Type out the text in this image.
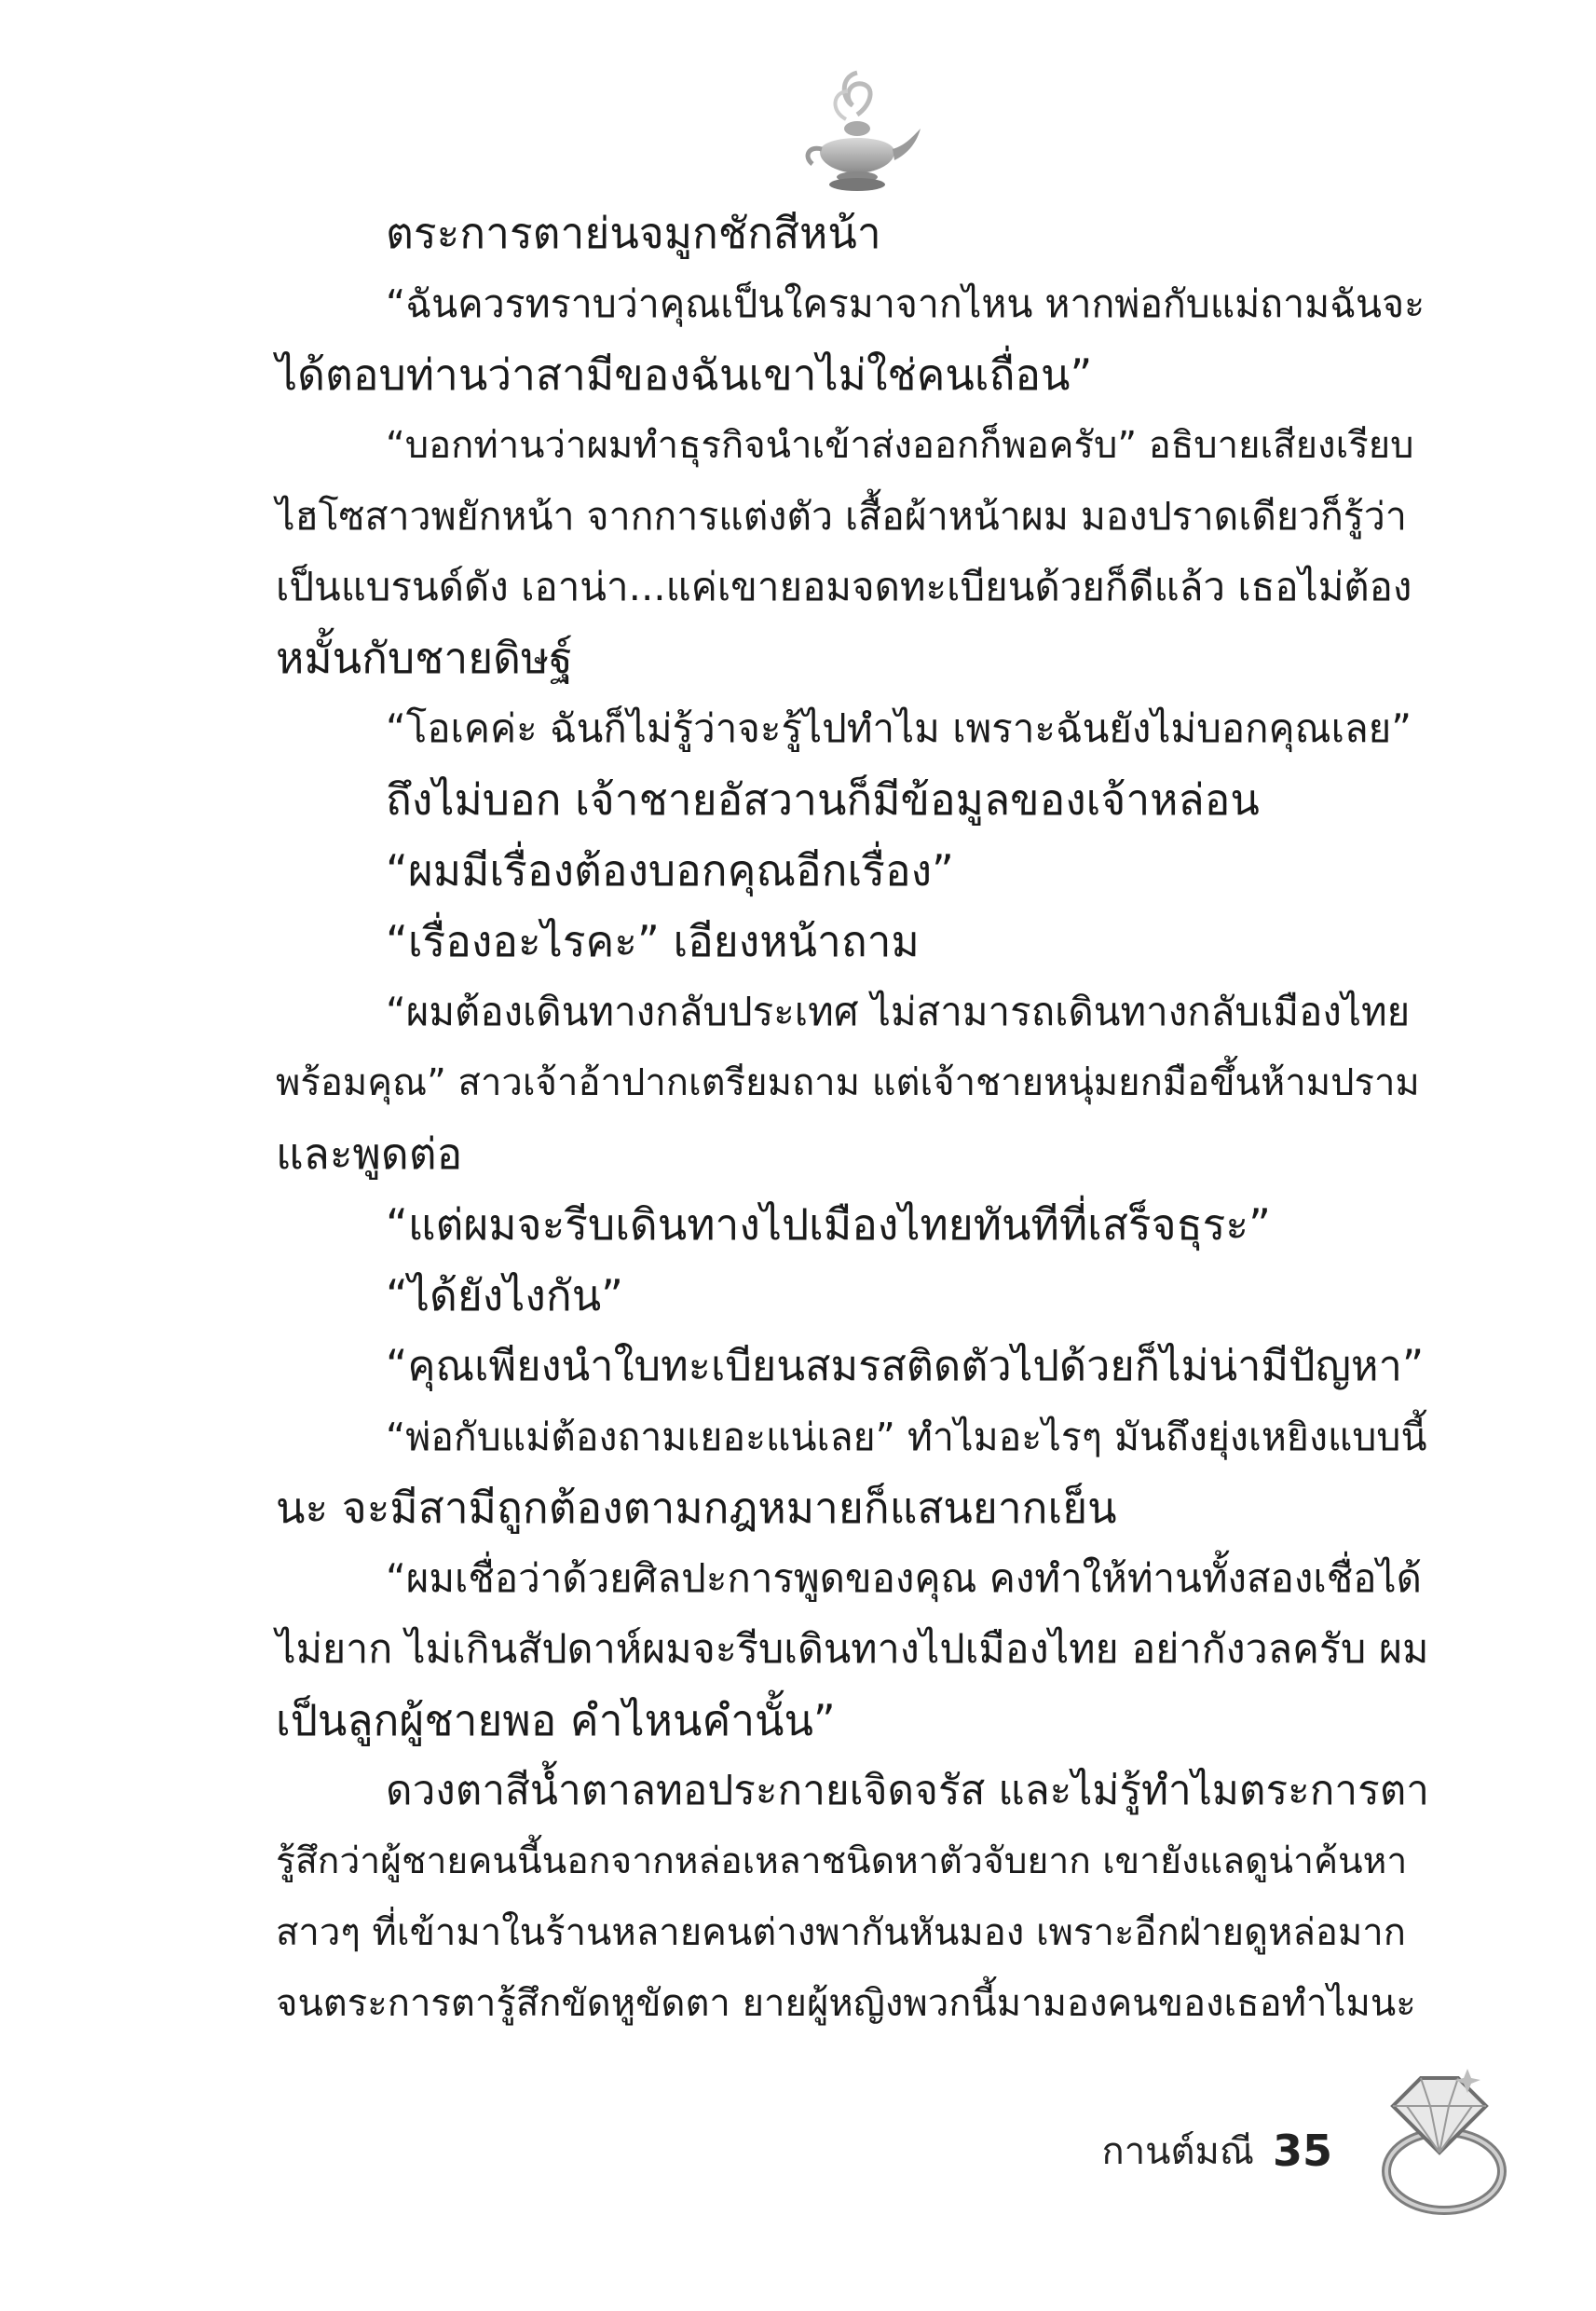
ตระการตาย่นจมูกชักสีหน้า
“ฉันควรทราบว่าคุณเป็นใครมาจากไหน หากพ่อกับแม่ถามฉันจะ
ได้ตอบท่านว่าสามีของฉันเขาไม่ใช่คนเถื่อน”
“บอกท่านว่าผมทำธุรกิจนำเข้าส่งออกก็พอครับ” อธิบายเสียงเรียบ
ไฮโซสาวพยักหน้า จากการแต่งตัว เสื้อผ้าหน้าผม มองปราดเดียวก็รู้ว่า
เป็นแบรนด์ดัง เอาน่า...แค่เขายอมจดทะเบียนด้วยก็ดีแล้ว เธอไม่ต้อง
หมั้นกับชายดิษฐ์
“โอเคค่ะ ฉันก็ไม่รู้ว่าจะรู้ไปทำไม เพราะฉันยังไม่บอกคุณเลย”
ถึงไม่บอก เจ้าชายอัสวานก็มีข้อมูลของเจ้าหล่อน
“ผมมีเรื่องต้องบอกคุณอีกเรื่อง”
“เรื่องอะไรคะ” เอียงหน้าถาม
“ผมต้องเดินทางกลับประเทศ ไม่สามารถเดินทางกลับเมืองไทย
พร้อมคุณ” สาวเจ้าอ้าปากเตรียมถาม แต่เจ้าชายหนุ่มยกมือขึ้นห้ามปราม
และพูดต่อ
“แต่ผมจะรีบเดินทางไปเมืองไทยทันทีที่เสร็จธุระ”
“ได้ยังไงกัน”
“คุณเพียงนำใบทะเบียนสมรสติดตัวไปด้วยก็ไม่น่ามีปัญหา”
“พ่อกับแม่ต้องถามเยอะแน่เลย” ทำไมอะไรๆ มันถึงยุ่งเหยิงแบบนี้
นะ จะมีสามีถูกต้องตามกฎหมายก็แสนยากเย็น
“ผมเชื่อว่าด้วยศิลปะการพูดของคุณ คงทำให้ท่านทั้งสองเชื่อได้
ไม่ยาก ไม่เกินสัปดาห์ผมจะรีบเดินทางไปเมืองไทย อย่ากังวลครับ ผม
เป็นลูกผู้ชายพอ คำไหนคำนั้น”
ดวงตาสีน้ำตาลทอประกายเจิดจรัส และไม่รู้ทำไมตระการตา
รู้สึกว่าผู้ชายคนนี้นอกจากหล่อเหลาชนิดหาตัวจับยาก เขายังแลดูน่าค้นหา
สาวๆ ที่เข้ามาในร้านหลายคนต่างพากันหันมอง เพราะอีกฝ่ายดูหล่อมาก
จนตระการตารู้สึกขัดหูขัดตา ยายผู้หญิงพวกนี้มามองคนของเธอทำไมนะ
กานต์มณี 35
